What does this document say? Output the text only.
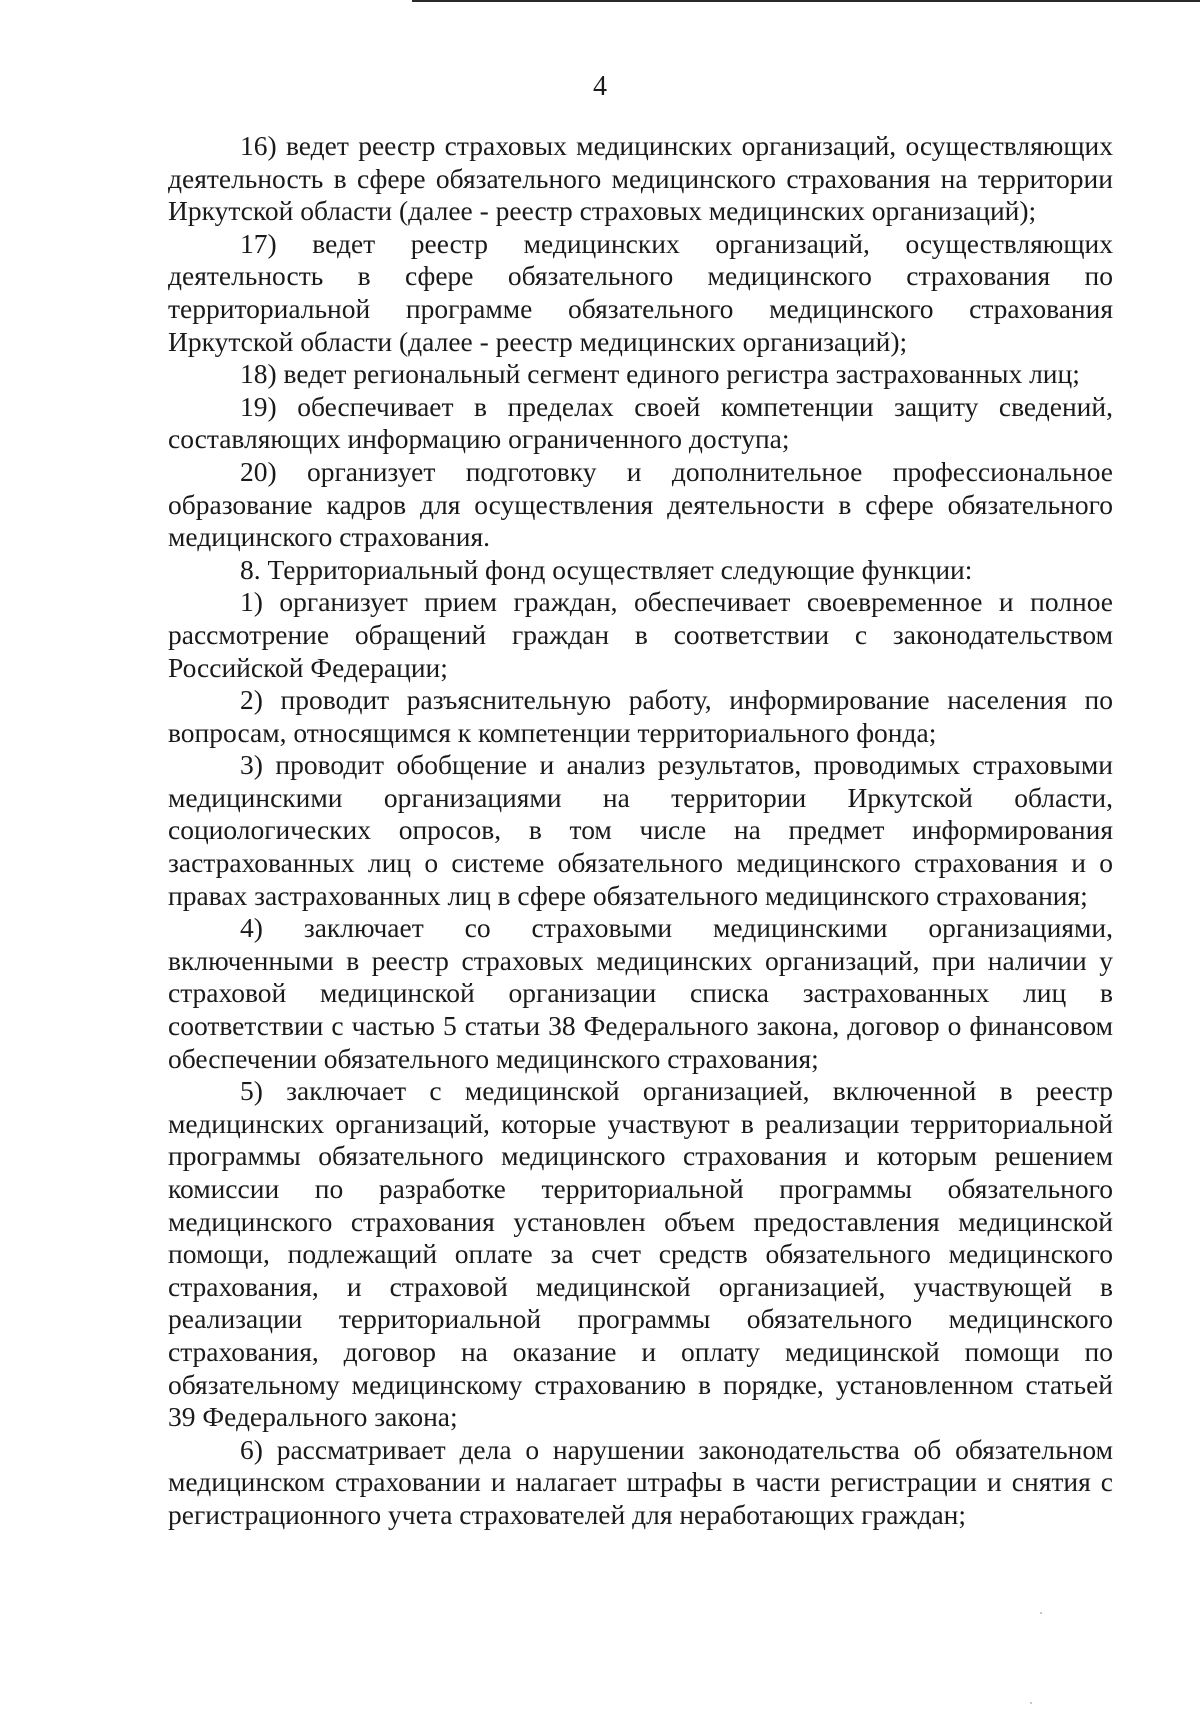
4

16) ведет реестр страховых медицинских организаций, осуществляющих деятельность в сфере обязательного медицинского страхования на территории Иркутской области (далее - реестр страховых медицинских организаций);

17) ведет реестр медицинских организаций, осуществляющих деятельность в сфере обязательного медицинского страхования по территориальной программе обязательного медицинского страхования Иркутской области (далее - реестр медицинских организаций);

18) ведет региональный сегмент единого регистра застрахованных лиц;

19) обеспечивает в пределах своей компетенции защиту сведений, составляющих информацию ограниченного доступа;

20) организует подготовку и дополнительное профессиональное образование кадров для осуществления деятельности в сфере обязательного медицинского страхования.

8. Территориальный фонд осуществляет следующие функции:

1) организует прием граждан, обеспечивает своевременное и полное рассмотрение обращений граждан в соответствии с законодательством Российской Федерации;

2) проводит разъяснительную работу, информирование населения по вопросам, относящимся к компетенции территориального фонда;

3) проводит обобщение и анализ результатов, проводимых страховыми медицинскими организациями на территории Иркутской области, социологических опросов, в том числе на предмет информирования застрахованных лиц о системе обязательного медицинского страхования и о правах застрахованных лиц в сфере обязательного медицинского страхования;

4) заключает со страховыми медицинскими организациями, включенными в реестр страховых медицинских организаций, при наличии у страховой медицинской организации списка застрахованных лиц в соответствии с частью 5 статьи 38 Федерального закона, договор о финансовом обеспечении обязательного медицинского страхования;

5) заключает с медицинской организацией, включенной в реестр медицинских организаций, которые участвуют в реализации территориальной программы обязательного медицинского страхования и которым решением комиссии по разработке территориальной программы обязательного медицинского страхования установлен объем предоставления медицинской помощи, подлежащий оплате за счет средств обязательного медицинского страхования, и страховой медицинской организацией, участвующей в реализации территориальной программы обязательного медицинского страхования, договор на оказание и оплату медицинской помощи по обязательному медицинскому страхованию в порядке, установленном статьей 39 Федерального закона;

6) рассматривает дела о нарушении законодательства об обязательном медицинском страховании и налагает штрафы в части регистрации и снятия с регистрационного учета страхователей для неработающих граждан;
